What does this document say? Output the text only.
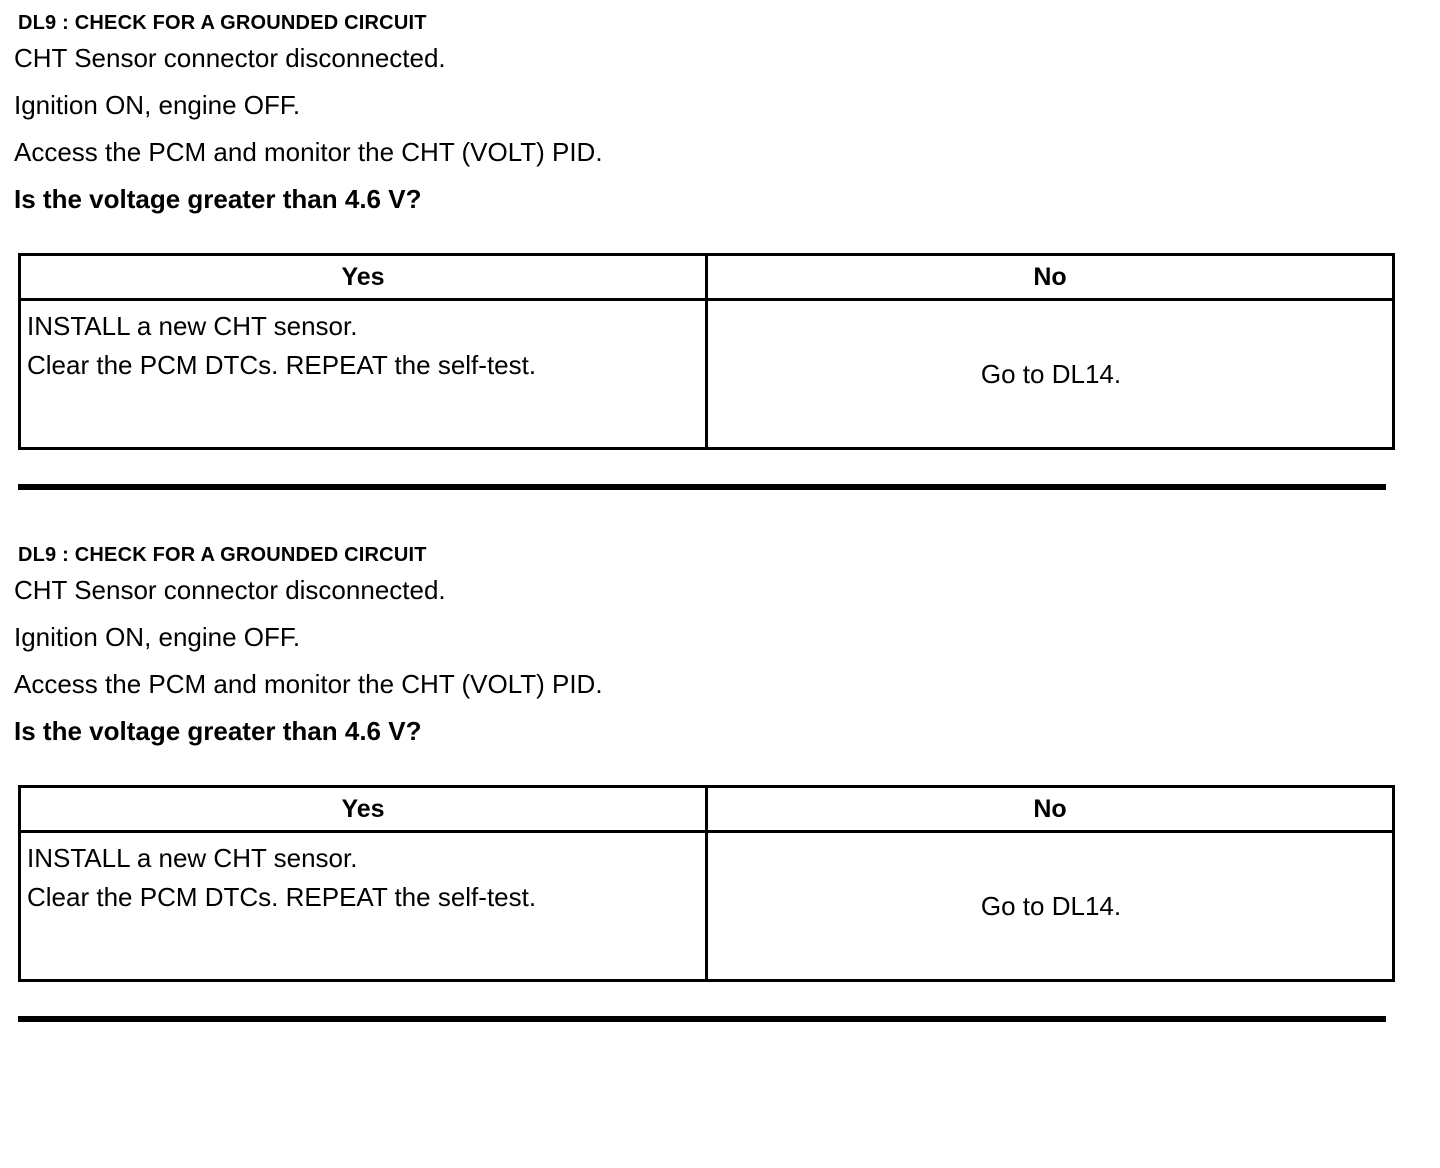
DL9 : CHECK FOR A GROUNDED CIRCUIT
CHT Sensor connector disconnected.
Ignition ON, engine OFF.
Access the PCM and monitor the CHT (VOLT) PID.
Is the voltage greater than 4.6 V?
Yes	No

INSTALL a new CHT sensor.
Clear the PCM DTCs. REPEAT the self-test.	Go to DL14.
DL9 : CHECK FOR A GROUNDED CIRCUIT
CHT Sensor connector disconnected.
Ignition ON, engine OFF.
Access the PCM and monitor the CHT (VOLT) PID.
Is the voltage greater than 4.6 V?
Yes	No

INSTALL a new CHT sensor.
Clear the PCM DTCs. REPEAT the self-test.	Go to DL14.
